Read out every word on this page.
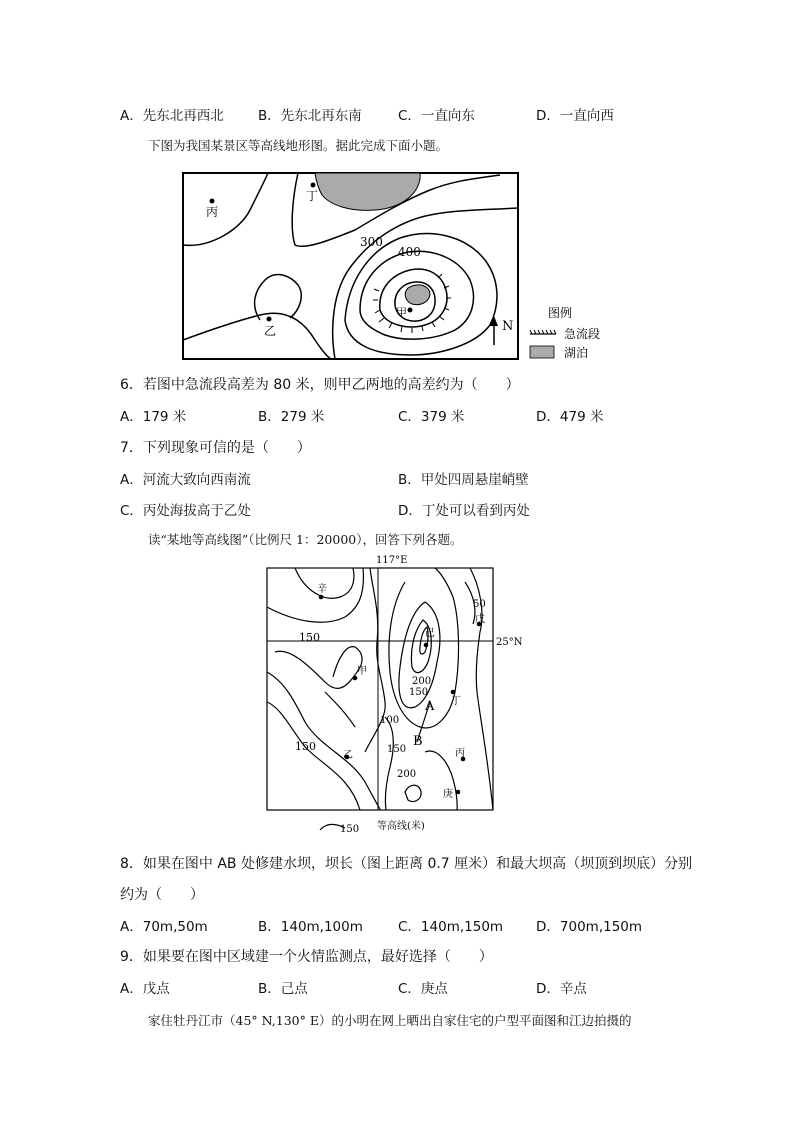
A．先东北再西北	B．先东北再东南	C．一直向东	D．一直向西
下图为我国某景区等高线地形图。据此完成下面小题。
丙
丁
乙
甲
300
400
N
图例
急流段
湖泊
6．若图中急流段高差为 80 米，则甲乙两地的高差约为（　　）
A．179 米	B．279 米	C．379 米	D．479 米
7．下列现象可信的是（　　）
A．河流大致向西南流	B．甲处四周悬崖峭壁
C．丙处海拔高于乙处	D．丁处可以看到丙处
读“某地等高线图”（比例尺 1：20000），回答下列各题。
117°E
25°N
辛
己
戊
甲
丁
乙	丙
庚
A
B
150
150
150
200
200
150
100
50
150 等高线(米)
8．如果在图中 AB 处修建水坝，坝长（图上距离 0.7 厘米）和最大坝高（坝顶到坝底）分别
约为（　　）
A．70m,50m	B．140m,100m	C．140m,150m D．700m,150m
9．如果要在图中区域建一个火情监测点，最好选择（　　）
A．戊点	B．己点	C．庚点	D．辛点
家住牡丹江市（45° N,130° E）的小明在网上晒出自家住宅的户型平面图和江边拍摄的
